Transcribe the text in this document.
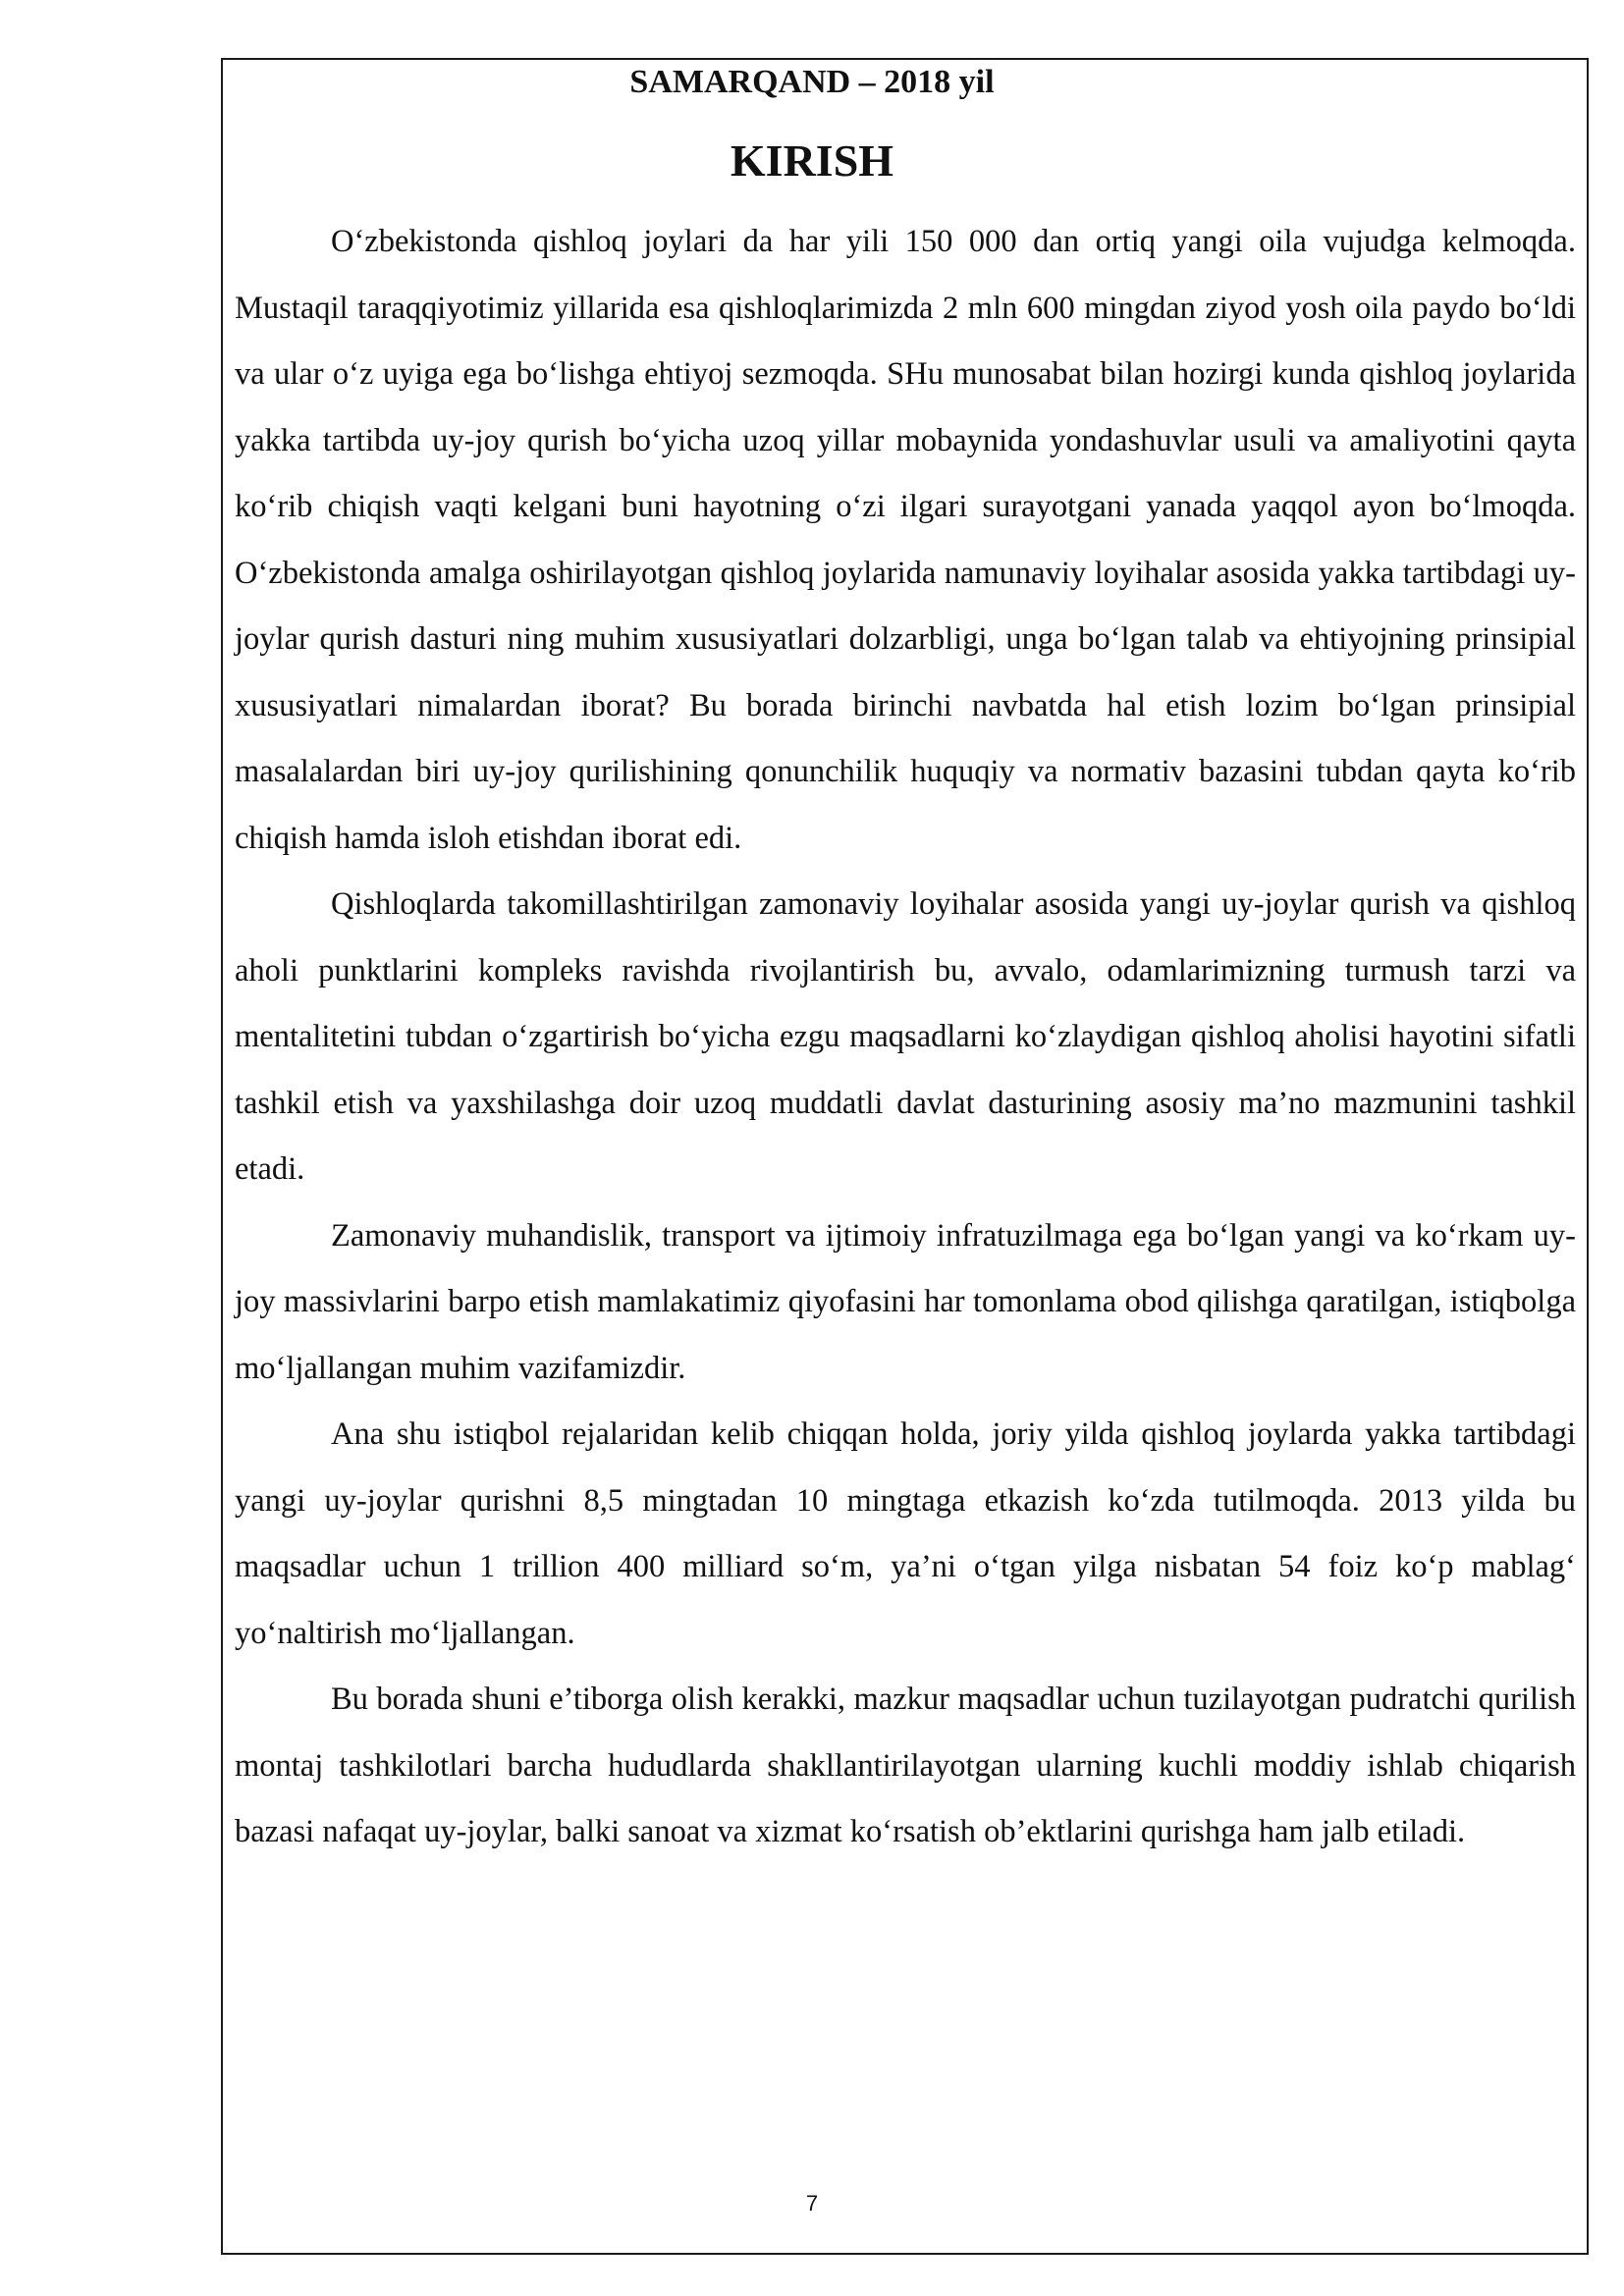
SAMARQAND – 2018 yil
KIRISH

O‘zbekistonda qishloq joylari da har yili 150 000 dan ortiq yangi oila vujudga kelmoqda. Mustaqil taraqqiyotimiz yillarida esa qishloqlarimizda 2 mln 600 mingdan ziyod yosh oila paydo bo‘ldi va ular o‘z uyiga ega bo‘lishga ehtiyoj sezmoqda. SHu munosabat bilan hozirgi kunda qishloq joylarida yakka tartibda uy-joy qurish bo‘yicha uzoq yillar mobaynida yondashuvlar usuli va amaliyotini qayta ko‘rib chiqish vaqti kelgani buni hayotning o‘zi ilgari surayotgani yanada yaqqol ayon bo‘lmoqda. O‘zbekistonda amalga oshirilayotgan qishloq joylarida namunaviy loyihalar asosida yakka tartibdagi uy-joylar qurish dasturi ning muhim xususiyatlari dolzarbligi, unga bo‘lgan talab va ehtiyojning prinsipial xususiyatlari nimalardan iborat? Bu borada birinchi navbatda hal etish lozim bo‘lgan prinsipial masalalardan biri uy-joy qurilishining qonunchilik huquqiy va normativ bazasini tubdan qayta ko‘rib chiqish hamda isloh etishdan iborat edi.

Qishloqlarda takomillashtirilgan zamonaviy loyihalar asosida yangi uy-joylar qurish va qishloq aholi punktlarini kompleks ravishda rivojlantirish bu, avvalo, odamlarimizning turmush tarzi va mentalitetini tubdan o‘zgartirish bo‘yicha ezgu maqsadlarni ko‘zlaydigan qishloq aholisi hayotini sifatli tashkil etish va yaxshilashga doir uzoq muddatli davlat dasturining asosiy ma’no mazmunini tashkil etadi.

Zamonaviy muhandislik, transport va ijtimoiy infratuzilmaga ega bo‘lgan yangi va ko‘rkam uy-joy massivlarini barpo etish mamlakatimiz qiyofasini har tomonlama obod qilishga qaratilgan, istiqbolga mo‘ljallangan muhim vazifamizdir.

Ana shu istiqbol rejalaridan kelib chiqqan holda, joriy yilda qishloq joylarda yakka tartibdagi yangi uy-joylar qurishni 8,5 mingtadan 10 mingtaga etkazish ko‘zda tutilmoqda. 2013 yilda bu maqsadlar uchun 1 trillion 400 milliard so‘m, ya’ni o‘tgan yilga nisbatan 54 foiz ko‘p mablag‘ yo‘naltirish mo‘ljallangan.

Bu borada shuni e’tiborga olish kerakki, mazkur maqsadlar uchun tuzilayotgan pudratchi qurilish montaj tashkilotlari barcha hududlarda shakllantirilayotgan ularning kuchli moddiy ishlab chiqarish bazasi nafaqat uy-joylar, balki sanoat va xizmat ko‘rsatish ob’ektlarini qurishga ham jalb etiladi.

7
